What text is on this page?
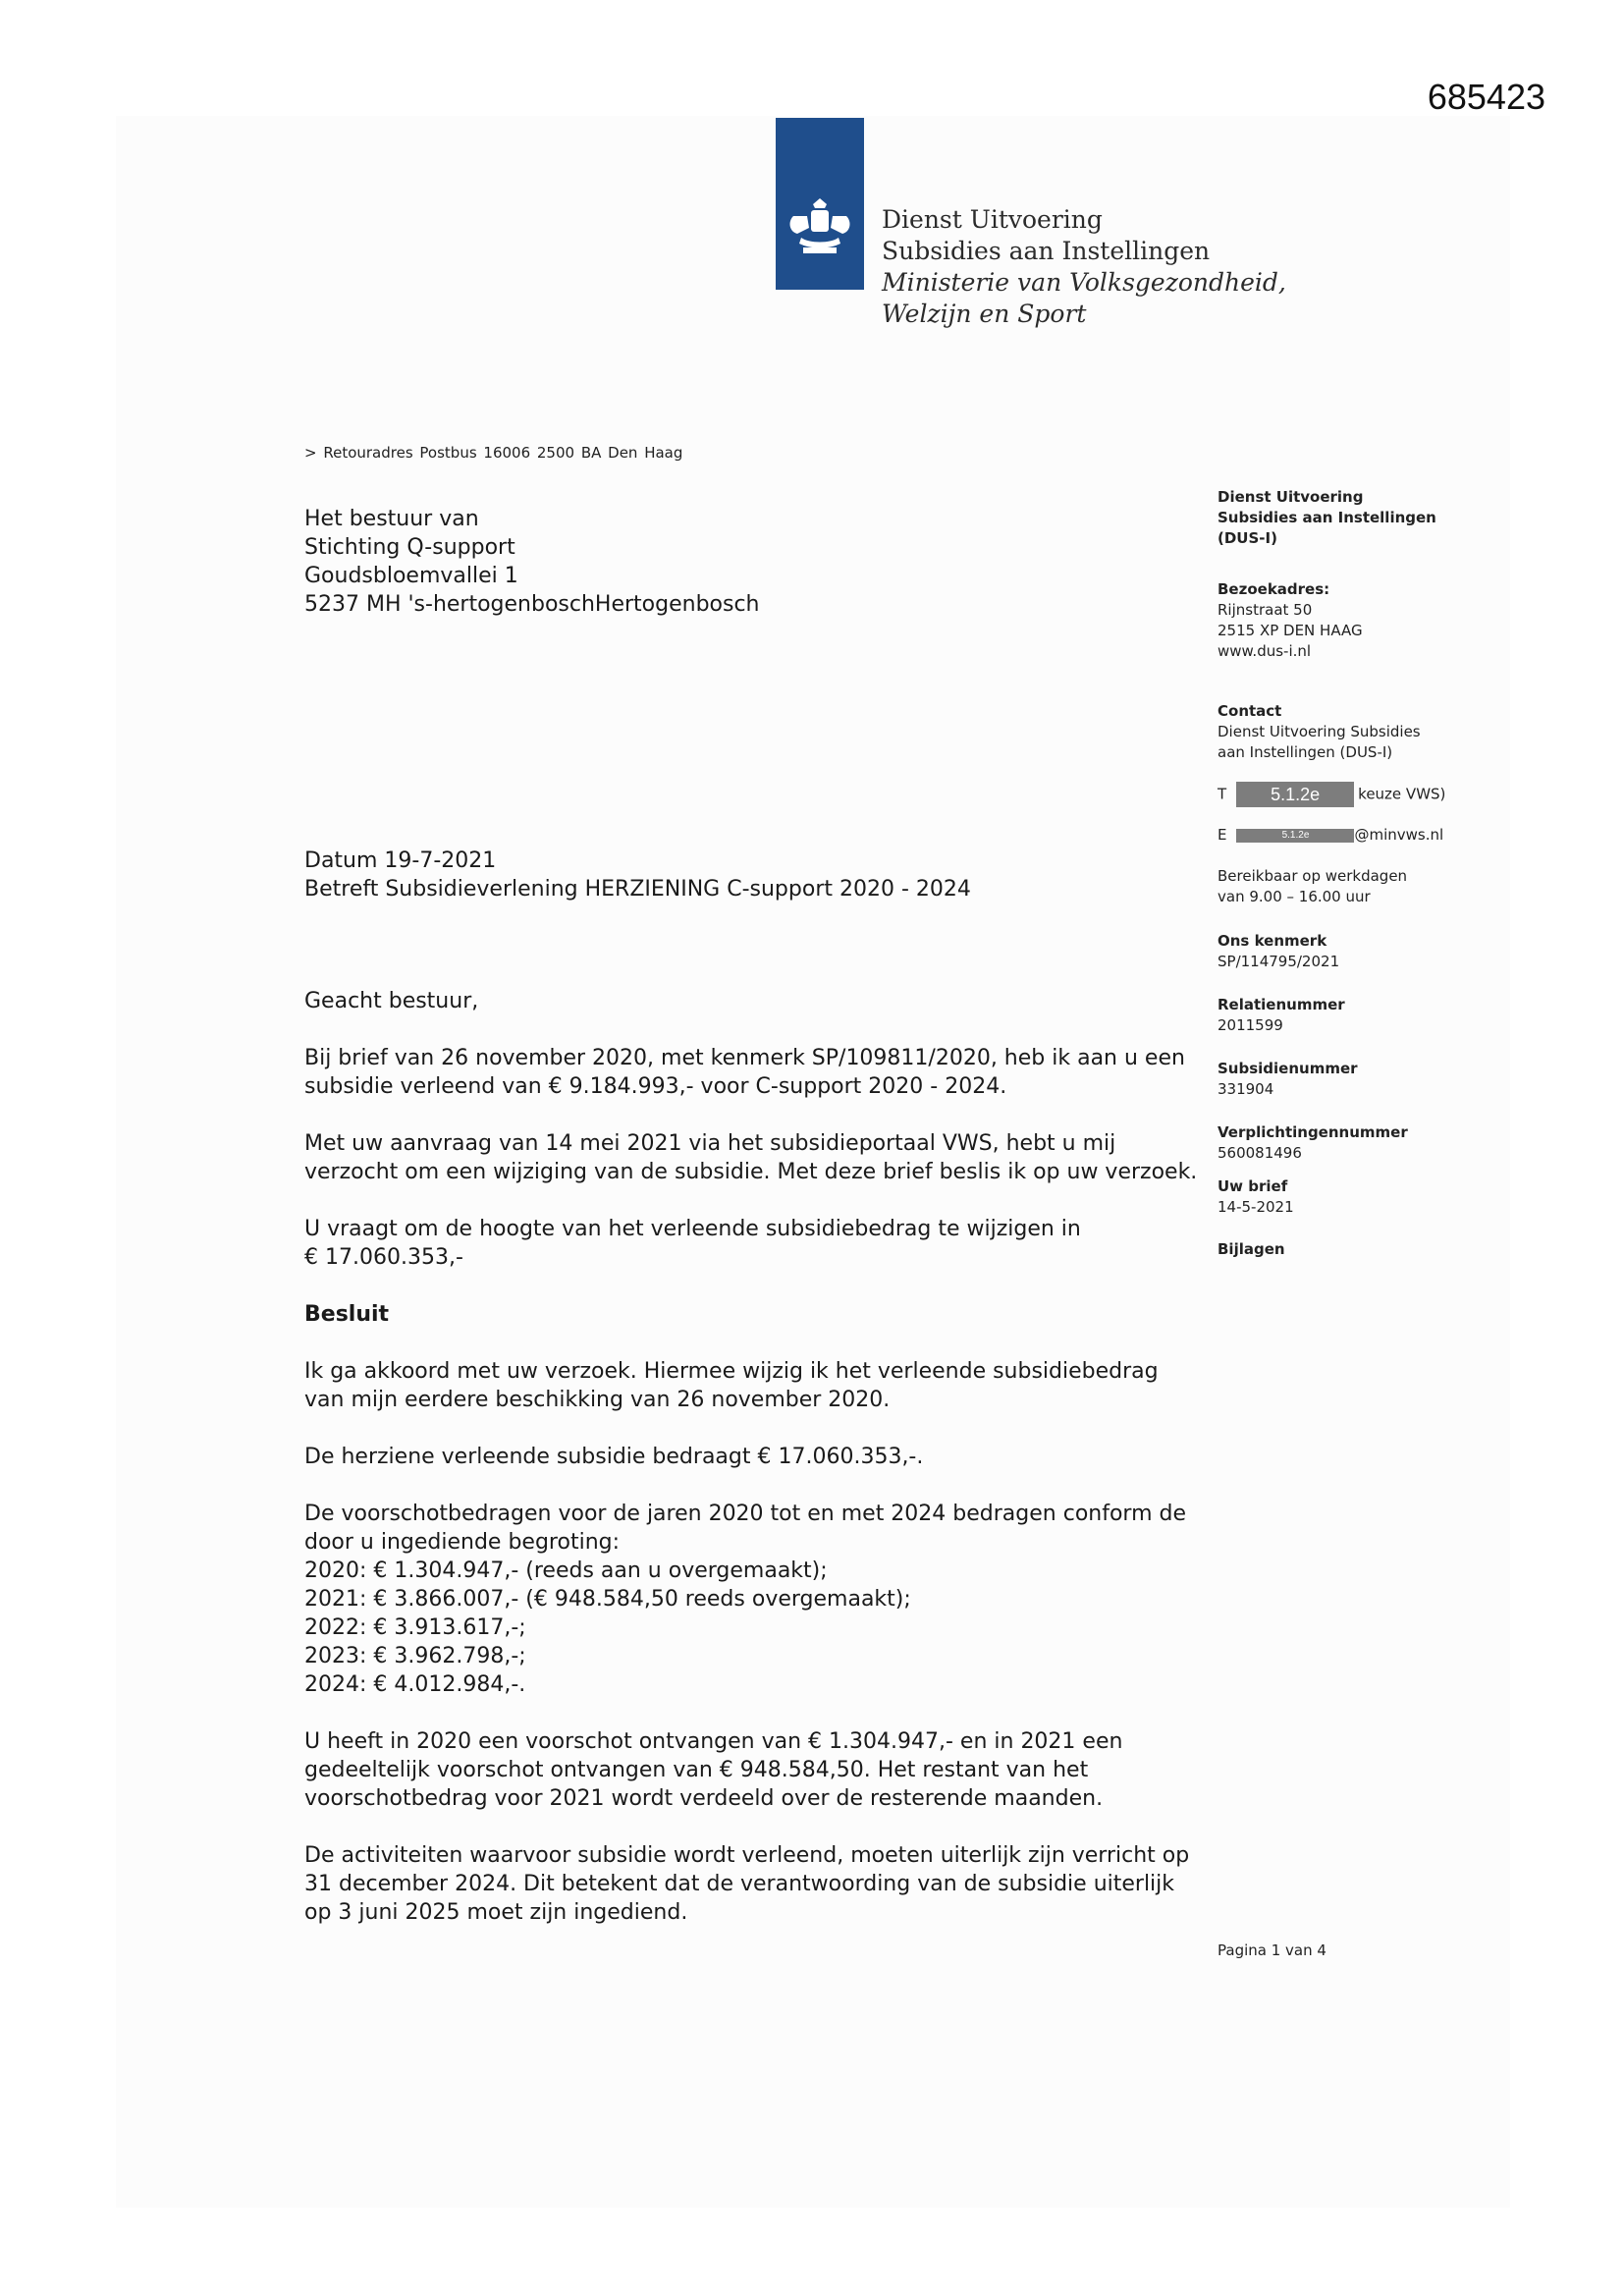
685423
Dienst Uitvoering
Subsidies aan Instellingen
Ministerie van Volksgezondheid,
Welzijn en Sport
> Retouradres Postbus 16006 2500 BA Den Haag
Het bestuur van
Stichting Q-support
Goudsbloemvallei 1
5237 MH 's-hertogenboschHertogenbosch
Dienst Uitvoering
Subsidies aan Instellingen
(DUS-I)
Bezoekadres:
Rijnstraat 50
2515 XP DEN HAAG
www.dus-i.nl
Contact
Dienst Uitvoering Subsidies
aan Instellingen (DUS-I)
T 5.1.2e	keuze VWS)
E	5.1.2e	@minvws.nl
Bereikbaar op werkdagen
van 9.00 – 16.00 uur
Ons kenmerk
SP/114795/2021
Relatienummer
2011599
Subsidienummer
331904
Verplichtingennummer
560081496
Uw brief
14-5-2021
Bijlagen
Datum 19-7-2021
Betreft Subsidieverlening HERZIENING C-support 2020 - 2024

Geacht bestuur,

Bij brief van 26 november 2020, met kenmerk SP/109811/2020, heb ik aan u een
subsidie verleend van € 9.184.993,- voor C-support 2020 - 2024.

Met uw aanvraag van 14 mei 2021 via het subsidieportaal VWS, hebt u mij
verzocht om een wijziging van de subsidie. Met deze brief beslis ik op uw verzoek.

U vraagt om de hoogte van het verleende subsidiebedrag te wijzigen in
€ 17.060.353,-

Besluit

Ik ga akkoord met uw verzoek. Hiermee wijzig ik het verleende subsidiebedrag
van mijn eerdere beschikking van 26 november 2020.

De herziene verleende subsidie bedraagt € 17.060.353,-.

De voorschotbedragen voor de jaren 2020 tot en met 2024 bedragen conform de
door u ingediende begroting:
2020: € 1.304.947,- (reeds aan u overgemaakt);
2021: € 3.866.007,- (€ 948.584,50 reeds overgemaakt);
2022: € 3.913.617,-;
2023: € 3.962.798,-;
2024: € 4.012.984,-.

U heeft in 2020 een voorschot ontvangen van € 1.304.947,- en in 2021 een
gedeeltelijk voorschot ontvangen van € 948.584,50. Het restant van het
voorschotbedrag voor 2021 wordt verdeeld over de resterende maanden.

De activiteiten waarvoor subsidie wordt verleend, moeten uiterlijk zijn verricht op
31 december 2024. Dit betekent dat de verantwoording van de subsidie uiterlijk
op 3 juni 2025 moet zijn ingediend.

Pagina 1 van 4
